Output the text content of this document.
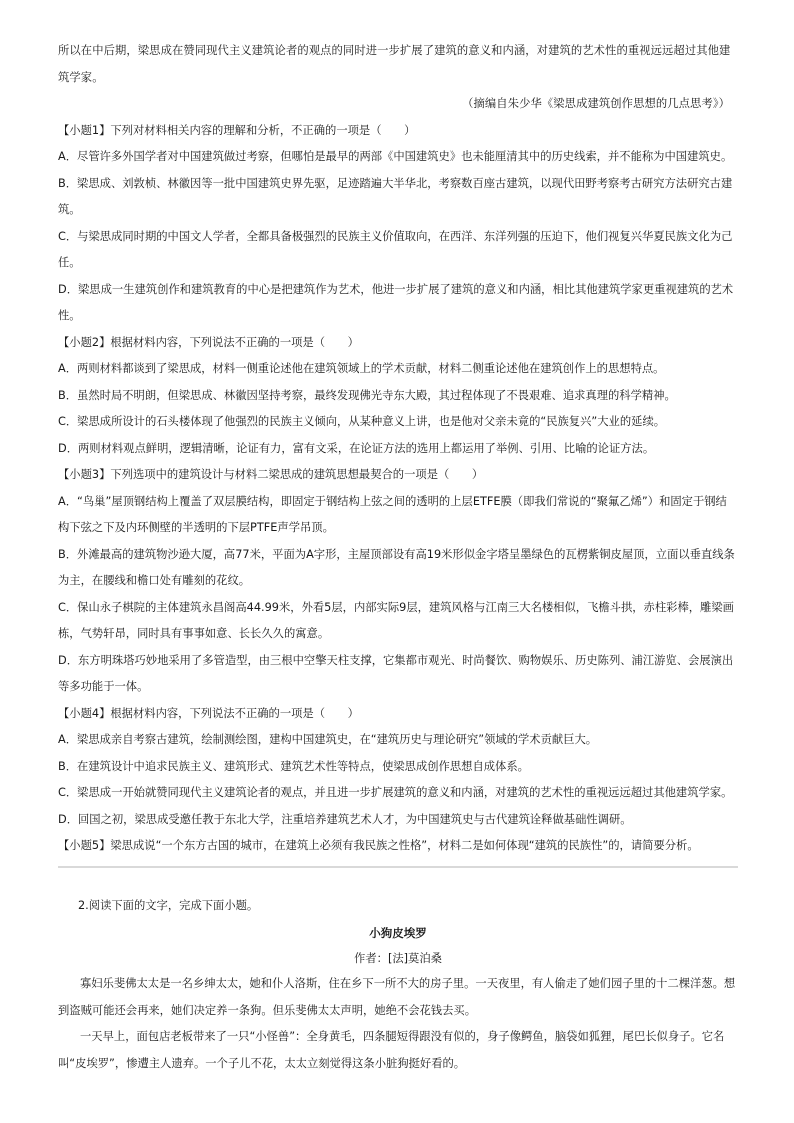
所以在中后期，梁思成在赞同现代主义建筑论者的观点的同时进一步扩展了建筑的意义和内涵，对建筑的艺术性的重视远远超过其他建筑学家。

（摘编自朱少华《梁思成建筑创作思想的几点思考》）

【小题1】下列对材料相关内容的理解和分析，不正确的一项是（　　）

A．尽管许多外国学者对中国建筑做过考察，但哪怕是最早的两部《中国建筑史》也未能厘清其中的历史线索，并不能称为中国建筑史。

B．梁思成、刘敦桢、林徽因等一批中国建筑史界先驱，足迹踏遍大半华北，考察数百座古建筑，以现代田野考察考古研究方法研究古建筑。

C．与梁思成同时期的中国文人学者，全都具备极强烈的民族主义价值取向，在西洋、东洋列强的压迫下，他们视复兴华夏民族文化为己任。

D．梁思成一生建筑创作和建筑教育的中心是把建筑作为艺术，他进一步扩展了建筑的意义和内涵，相比其他建筑学家更重视建筑的艺术性。

【小题2】根据材料内容，下列说法不正确的一项是（　　）

A．两则材料都谈到了梁思成，材料一侧重论述他在建筑领域上的学术贡献，材料二侧重论述他在建筑创作上的思想特点。

B．虽然时局不明朗，但梁思成、林徽因坚持考察，最终发现佛光寺东大殿，其过程体现了不畏艰难、追求真理的科学精神。

C．梁思成所设计的石头楼体现了他强烈的民族主义倾向，从某种意义上讲，也是他对父亲未竟的“民族复兴”大业的延续。

D．两则材料观点鲜明，逻辑清晰，论证有力，富有文采，在论证方法的选用上都运用了举例、引用、比喻的论证方法。

【小题3】下列选项中的建筑设计与材料二梁思成的建筑思想最契合的一项是（　　）

A．“鸟巢”屋顶钢结构上覆盖了双层膜结构，即固定于钢结构上弦之间的透明的上层ETFE膜（即我们常说的“聚氟乙烯”）和固定于钢结构下弦之下及内环侧壁的半透明的下层PTFE声学吊顶。

B．外滩最高的建筑物沙逊大厦，高77米，平面为A字形，主屋顶部设有高19米形似金字塔呈墨绿色的瓦楞紫铜皮屋顶，立面以垂直线条为主，在腰线和檐口处有雕刻的花纹。

C．保山永子棋院的主体建筑永昌阁高44.99米，外看5层，内部实际9层，建筑风格与江南三大名楼相似，飞檐斗拱，赤柱彩棒，雕梁画栋，气势轩昂，同时具有事事如意、长长久久的寓意。

D．东方明珠塔巧妙地采用了多管造型，由三根中空擎天柱支撑，它集都市观光、时尚餐饮、购物娱乐、历史陈列、浦江游览、会展演出等多功能于一体。

【小题4】根据材料内容，下列说法不正确的一项是（　　）

A．梁思成亲自考察古建筑，绘制测绘图，建构中国建筑史，在“建筑历史与理论研究”领域的学术贡献巨大。

B．在建筑设计中追求民族主义、建筑形式、建筑艺术性等特点，使梁思成创作思想自成体系。

C．梁思成一开始就赞同现代主义建筑论者的观点，并且进一步扩展建筑的意义和内涵，对建筑的艺术性的重视远远超过其他建筑学家。

D．回国之初，梁思成受邀任教于东北大学，注重培养建筑艺术人才，为中国建筑史与古代建筑诠释做基础性调研。

【小题5】梁思成说“一个东方古国的城市，在建筑上必须有我民族之性格”，材料二是如何体现“建筑的民族性”的，请简要分析。

2.阅读下面的文字，完成下面小题。

小狗皮埃罗

作者：[法]莫泊桑

寡妇乐斐佛太太是一名乡绅太太，她和仆人洛斯，住在乡下一所不大的房子里。一天夜里，有人偷走了她们园子里的十二棵洋葱。想到盗贼可能还会再来，她们决定养一条狗。但乐斐佛太太声明，她绝不会花钱去买。

一天早上，面包店老板带来了一只“小怪兽”：全身黄毛，四条腿短得跟没有似的，身子像鳄鱼，脑袋如狐狸，尾巴长似身子。它名叫“皮埃罗”，惨遭主人遗弃。一个子儿不花，太太立刻觉得这条小脏狗挺好看的。
